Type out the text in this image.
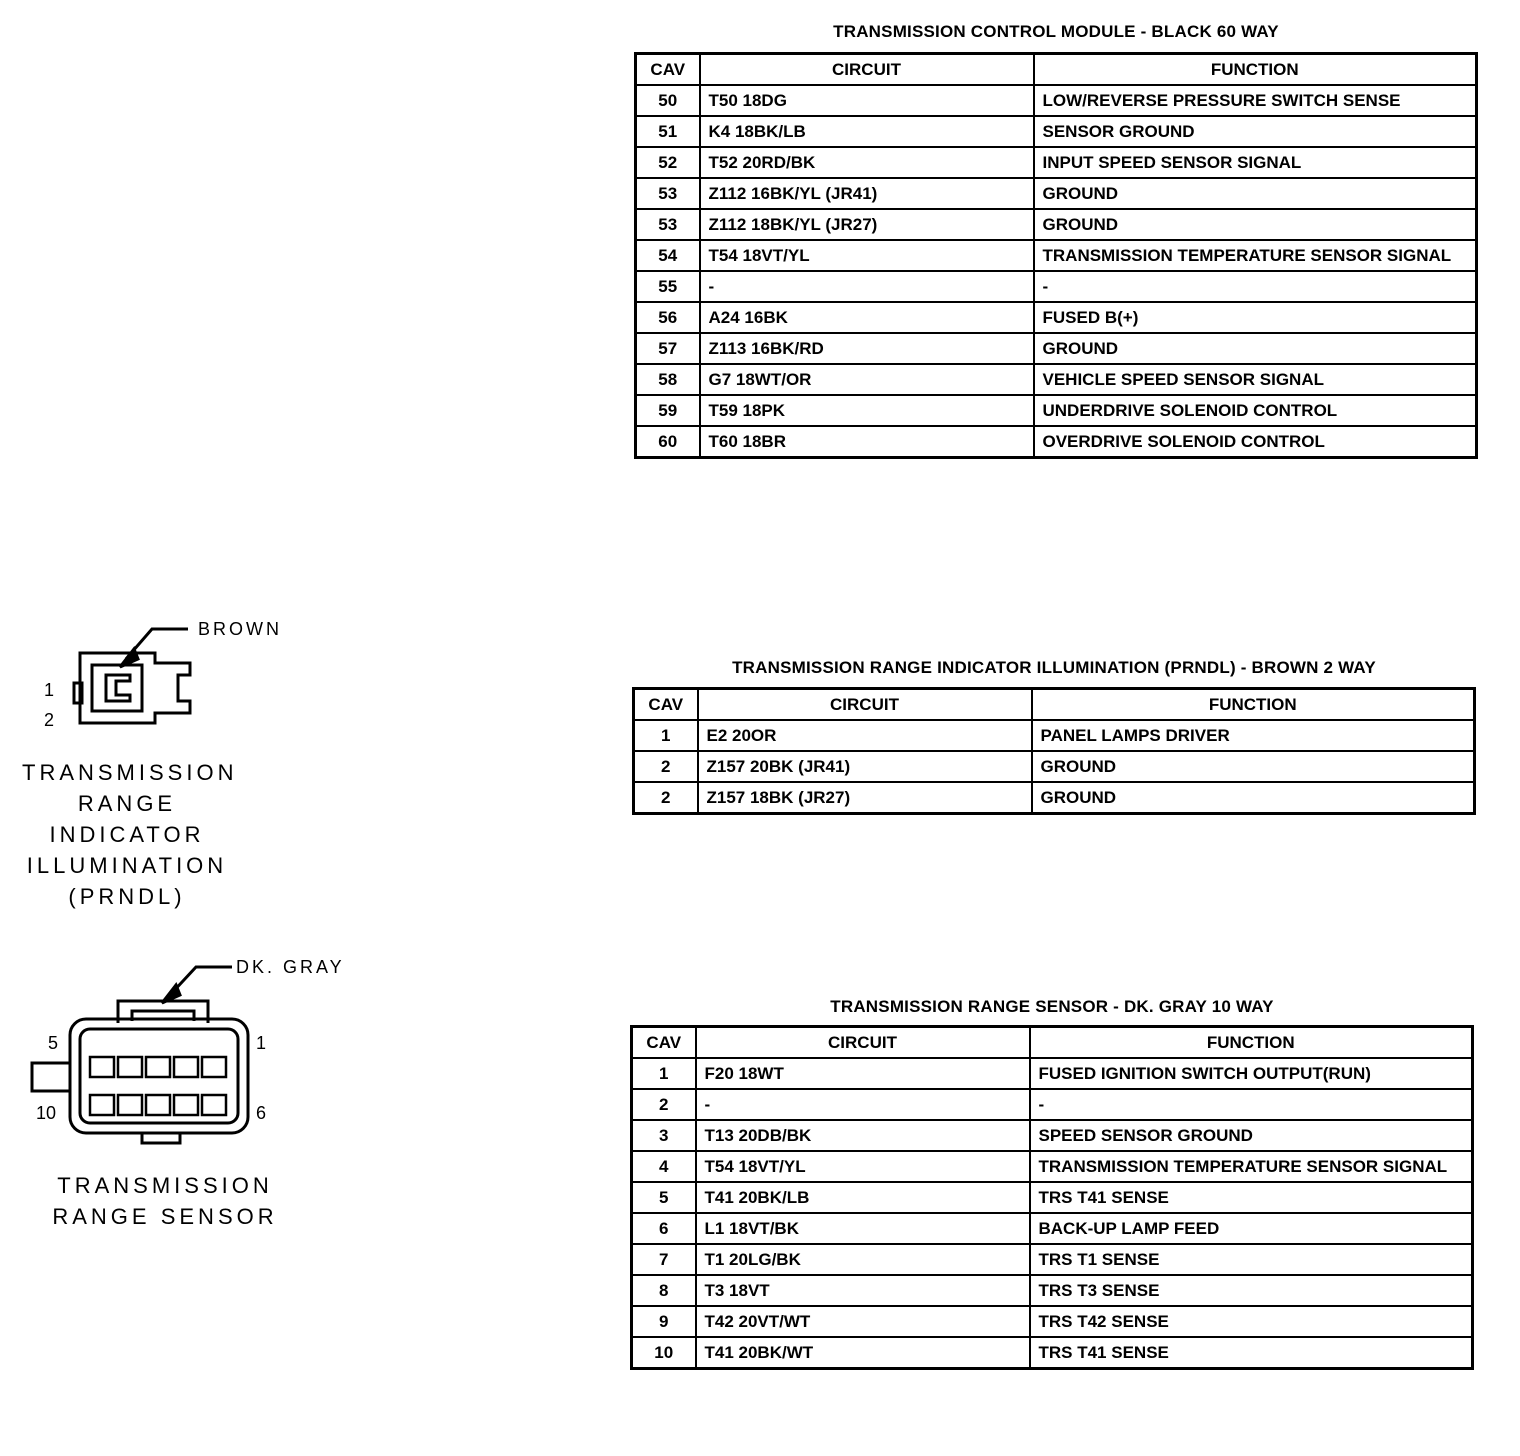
TRANSMISSION CONTROL MODULE - BLACK 60 WAY
CAV	CIRCUIT	FUNCTION
50	T50 18DG	LOW/REVERSE PRESSURE SWITCH SENSE
51	K4 18BK/LB	SENSOR GROUND
52	T52 20RD/BK	INPUT SPEED SENSOR SIGNAL
53	Z112 16BK/YL (JR41)	GROUND
53	Z112 18BK/YL (JR27)	GROUND
54	T54 18VT/YL	TRANSMISSION TEMPERATURE SENSOR SIGNAL
55	-	-
56	A24 16BK	FUSED B(+)
57	Z113 16BK/RD	GROUND
58	G7 18WT/OR	VEHICLE SPEED SENSOR SIGNAL
59	T59 18PK	UNDERDRIVE SOLENOID CONTROL
60	T60 18BR	OVERDRIVE SOLENOID CONTROL
TRANSMISSION RANGE INDICATOR ILLUMINATION (PRNDL) - BROWN 2 WAY
CAV	CIRCUIT	FUNCTION
1	E2 20OR	PANEL LAMPS DRIVER
2	Z157 20BK (JR41)	GROUND
2	Z157 18BK (JR27)	GROUND
TRANSMISSION RANGE SENSOR - DK. GRAY 10 WAY
CAV	CIRCUIT	FUNCTION
1	F20 18WT	FUSED IGNITION SWITCH OUTPUT(RUN)
2	-	-
3	T13 20DB/BK	SPEED SENSOR GROUND
4	T54 18VT/YL	TRANSMISSION TEMPERATURE SENSOR SIGNAL
5	T41 20BK/LB	TRS T41 SENSE
6	L1 18VT/BK	BACK-UP LAMP FEED
7	T1 20LG/BK	TRS T1 SENSE
8	T3 18VT	TRS T3 SENSE
9	T42 20VT/WT	TRS T42 SENSE
10	T41 20BK/WT	TRS T41 SENSE
BROWN
1
2
TRANSMISSION
RANGE
INDICATOR
ILLUMINATION
(PRNDL)
DK. GRAY
5	1
10	6
TRANSMISSION
RANGE SENSOR
